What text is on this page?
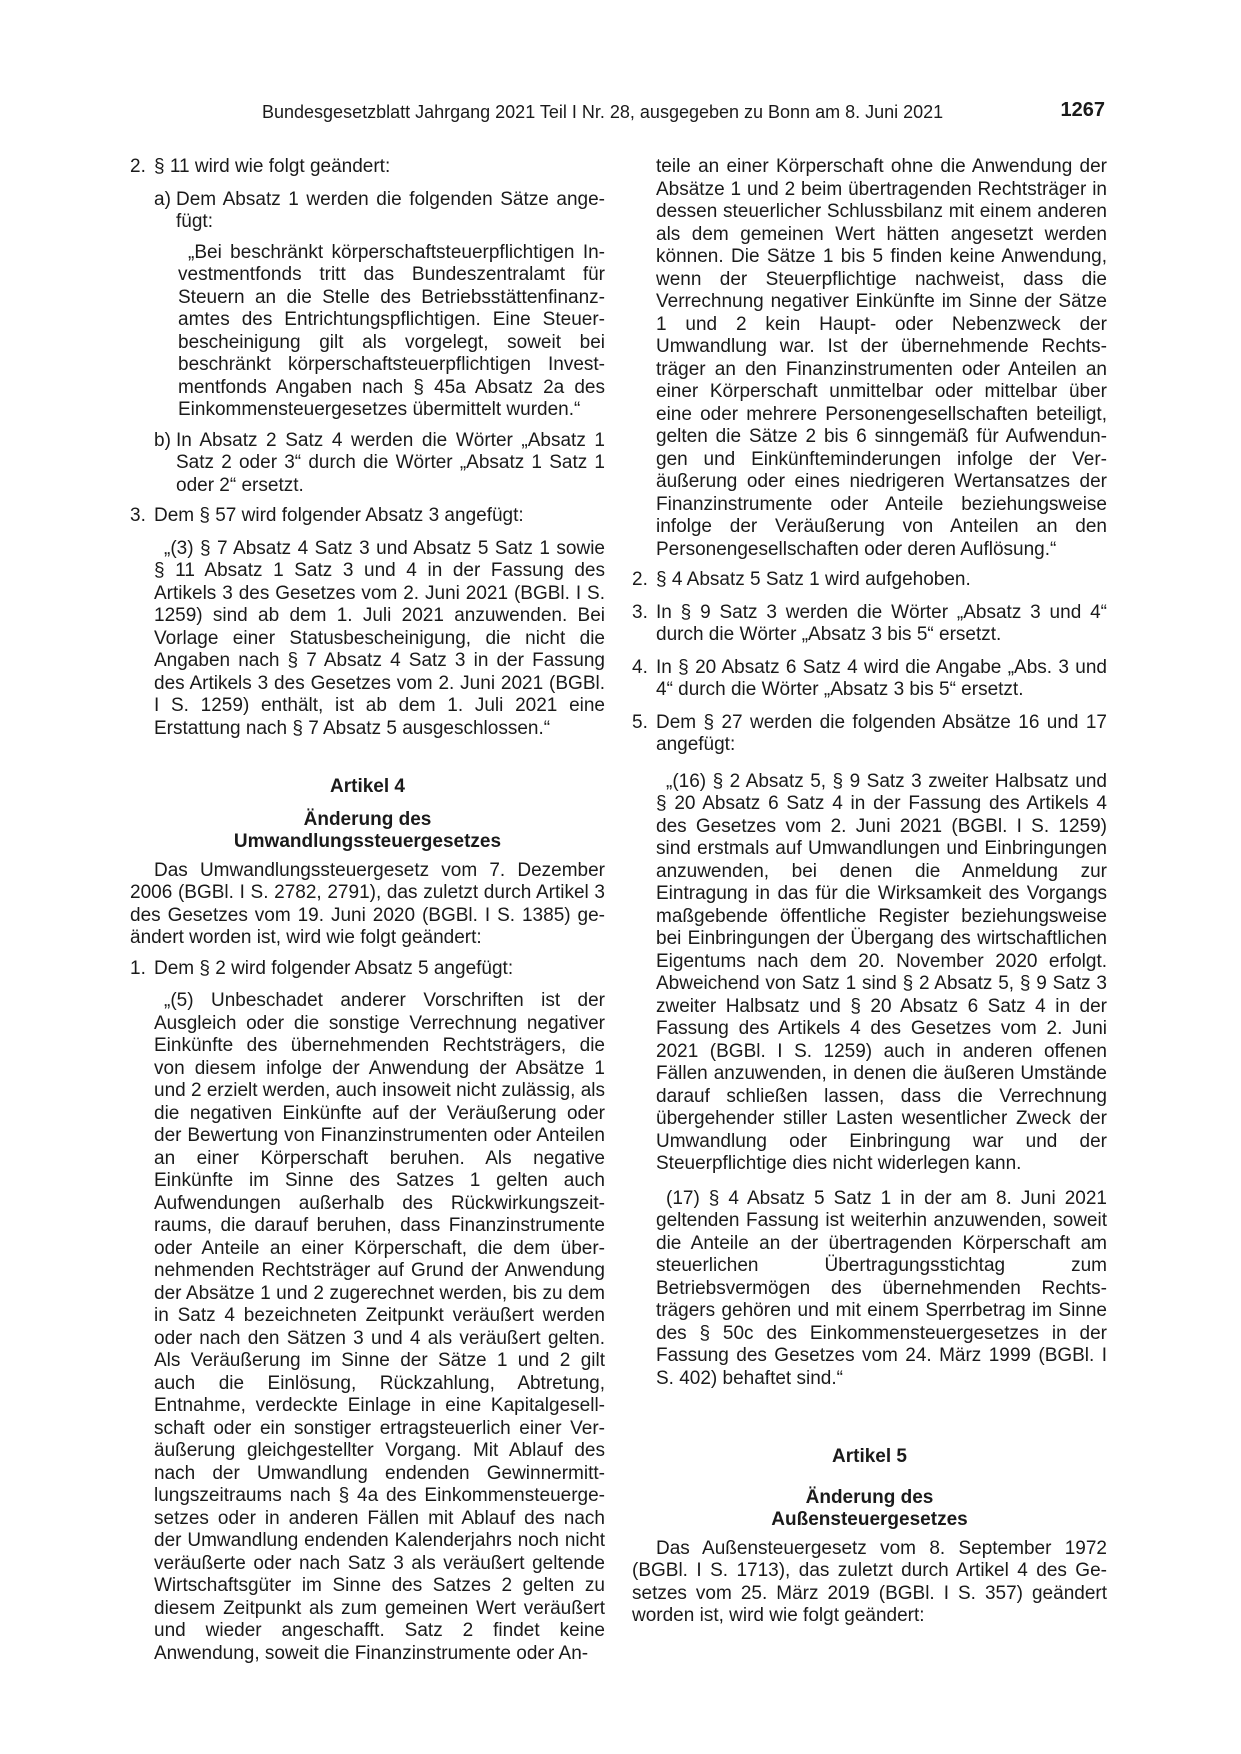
Bundesgesetzblatt Jahrgang 2021 Teil I Nr. 28, ausgegeben zu Bonn am 8. Juni 2021	1267
2. § 11 wird wie folgt geändert:
a) Dem Absatz 1 werden die folgenden Sätze angefügt:
„Bei beschränkt körperschaftsteuerpflichtigen Investmentfonds tritt das Bundeszentralamt für Steuern an die Stelle des Betriebsstättenfinanzamtes des Entrichtungspflichtigen. Eine Steuerbescheinigung gilt als vorgelegt, soweit bei beschränkt körperschaftsteuerpflichtigen Investmentfonds Angaben nach § 45a Absatz 2a des Einkommensteuergesetzes übermittelt wurden.“
b) In Absatz 2 Satz 4 werden die Wörter „Absatz 1 Satz 2 oder 3“ durch die Wörter „Absatz 1 Satz 1 oder 2“ ersetzt.
3. Dem § 57 wird folgender Absatz 3 angefügt:
„(3) § 7 Absatz 4 Satz 3 und Absatz 5 Satz 1 sowie § 11 Absatz 1 Satz 3 und 4 in der Fassung des Artikels 3 des Gesetzes vom 2. Juni 2021 (BGBl. I S. 1259) sind ab dem 1. Juli 2021 anzuwenden. Bei Vorlage einer Statusbescheinigung, die nicht die Angaben nach § 7 Absatz 4 Satz 3 in der Fassung des Artikels 3 des Gesetzes vom 2. Juni 2021 (BGBl. I S. 1259) enthält, ist ab dem 1. Juli 2021 eine Erstattung nach § 7 Absatz 5 ausgeschlossen.“

Artikel 4

Änderung des

Umwandlungssteuergesetzes

Das Umwandlungssteuergesetz vom 7. Dezember 2006 (BGBl. I S. 2782, 2791), das zuletzt durch Artikel 3 des Gesetzes vom 19. Juni 2020 (BGBl. I S. 1385) geändert worden ist, wird wie folgt geändert:
1. Dem § 2 wird folgender Absatz 5 angefügt:
„(5) Unbeschadet anderer Vorschriften ist der Ausgleich oder die sonstige Verrechnung negativer Einkünfte des übernehmenden Rechtsträgers, die von diesem infolge der Anwendung der Absätze 1 und 2 erzielt werden, auch insoweit nicht zulässig, als die negativen Einkünfte auf der Veräußerung oder der Bewertung von Finanzinstrumenten oder Anteilen an einer Körperschaft beruhen. Als negative Einkünfte im Sinne des Satzes 1 gelten auch Aufwendungen außerhalb des Rückwirkungszeitraums, die darauf beruhen, dass Finanzinstrumente oder Anteile an einer Körperschaft, die dem übernehmenden Rechtsträger auf Grund der Anwendung der Absätze 1 und 2 zugerechnet werden, bis zu dem in Satz 4 bezeichneten Zeitpunkt veräußert werden oder nach den Sätzen 3 und 4 als veräußert gelten. Als Veräußerung im Sinne der Sätze 1 und 2 gilt auch die Einlösung, Rückzahlung, Abtretung, Entnahme, verdeckte Einlage in eine Kapitalgesellschaft oder ein sonstiger ertragsteuerlich einer Veräußerung gleichgestellter Vorgang. Mit Ablauf des nach der Umwandlung endenden Gewinnermittlungszeitraums nach § 4a des Einkommensteuergesetzes oder in anderen Fällen mit Ablauf des nach der Umwandlung endenden Kalenderjahrs noch nicht veräußerte oder nach Satz 3 als veräußert geltende Wirtschaftsgüter im Sinne des Satzes 2 gelten zu diesem Zeitpunkt als zum gemeinen Wert veräußert und wieder angeschafft. Satz 2 findet keine Anwendung, soweit die Finanzinstrumente oder An-
teile an einer Körperschaft ohne die Anwendung der Absätze 1 und 2 beim übertragenden Rechtsträger in dessen steuerlicher Schlussbilanz mit einem anderen als dem gemeinen Wert hätten angesetzt werden können. Die Sätze 1 bis 5 finden keine Anwendung, wenn der Steuerpflichtige nachweist, dass die Verrechnung negativer Einkünfte im Sinne der Sätze 1 und 2 kein Haupt- oder Nebenzweck der Umwandlung war. Ist der übernehmende Rechtsträger an den Finanzinstrumenten oder Anteilen an einer Körperschaft unmittelbar oder mittelbar über eine oder mehrere Personengesellschaften beteiligt, gelten die Sätze 2 bis 6 sinngemäß für Aufwendungen und Einkünfteminderungen infolge der Veräußerung oder eines niedrigeren Wertansatzes der Finanzinstrumente oder Anteile beziehungsweise infolge der Veräußerung von Anteilen an den Personengesellschaften oder deren Auflösung.“
2. § 4 Absatz 5 Satz 1 wird aufgehoben.
3. In § 9 Satz 3 werden die Wörter „Absatz 3 und 4“ durch die Wörter „Absatz 3 bis 5“ ersetzt.
4. In § 20 Absatz 6 Satz 4 wird die Angabe „Abs. 3 und 4“ durch die Wörter „Absatz 3 bis 5“ ersetzt.
5. Dem § 27 werden die folgenden Absätze 16 und 17 angefügt:
„(16) § 2 Absatz 5, § 9 Satz 3 zweiter Halbsatz und § 20 Absatz 6 Satz 4 in der Fassung des Artikels 4 des Gesetzes vom 2. Juni 2021 (BGBl. I S. 1259) sind erstmals auf Umwandlungen und Einbringungen anzuwenden, bei denen die Anmeldung zur Eintragung in das für die Wirksamkeit des Vorgangs maßgebende öffentliche Register beziehungsweise bei Einbringungen der Übergang des wirtschaftlichen Eigentums nach dem 20. November 2020 erfolgt. Abweichend von Satz 1 sind § 2 Absatz 5, § 9 Satz 3 zweiter Halbsatz und § 20 Absatz 6 Satz 4 in der Fassung des Artikels 4 des Gesetzes vom 2. Juni 2021 (BGBl. I S. 1259) auch in anderen offenen Fällen anzuwenden, in denen die äußeren Umstände darauf schließen lassen, dass die Verrechnung übergehender stiller Lasten wesentlicher Zweck der Umwandlung oder Einbringung war und der Steuerpflichtige dies nicht widerlegen kann.
(17) § 4 Absatz 5 Satz 1 in der am 8. Juni 2021 geltenden Fassung ist weiterhin anzuwenden, soweit die Anteile an der übertragenden Körperschaft am steuerlichen Übertragungsstichtag zum Betriebsvermögen des übernehmenden Rechtsträgers gehören und mit einem Sperrbetrag im Sinne des § 50c des Einkommensteuergesetzes in der Fassung des Gesetzes vom 24. März 1999 (BGBl. I S. 402) behaftet sind.“

Artikel 5

Änderung des

Außensteuergesetzes

Das Außensteuergesetz vom 8. September 1972 (BGBl. I S. 1713), das zuletzt durch Artikel 4 des Gesetzes vom 25. März 2019 (BGBl. I S. 357) geändert worden ist, wird wie folgt geändert:
